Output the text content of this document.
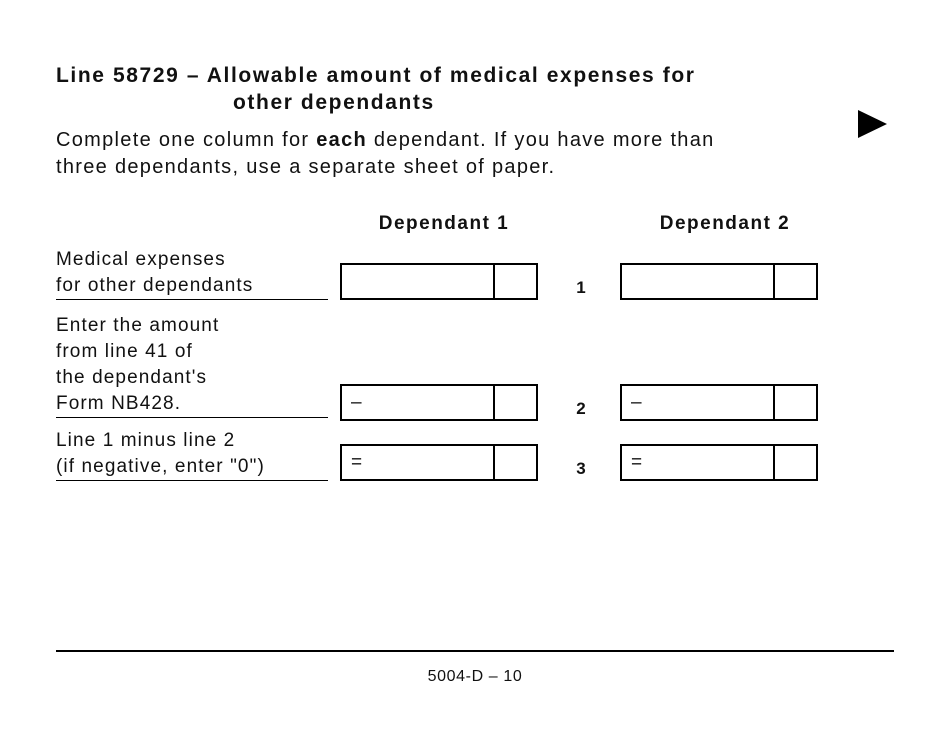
Line 58729 – Allowable amount of medical expenses for
other dependants
Complete one column for each dependant. If you have more than
three dependants, use a separate sheet of paper.
Dependant 1	Dependant 2
Medical expenses
for other dependants	1
Enter the amount
from line 41 of
the dependant's
Form NB428.	–	2	–
Line 1 minus line 2
(if negative, enter "0")	=	3	=
5004-D – 10
